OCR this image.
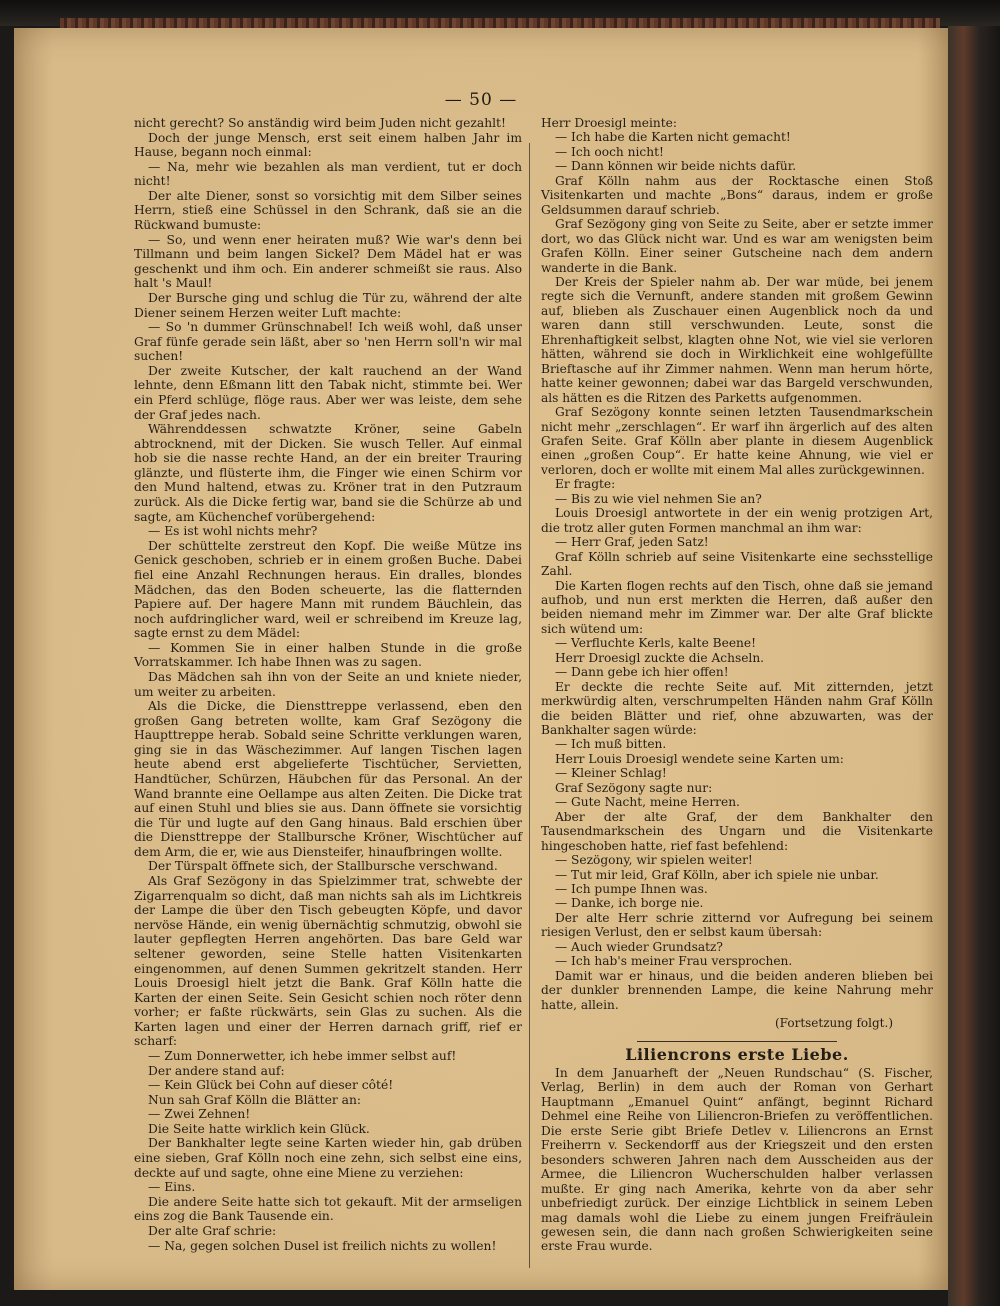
— 50 —

nicht gerecht? So anständig wird beim Juden nicht gezahlt!

Doch der junge Mensch, erst seit einem halben Jahr im Hause, begann noch einmal:

— Na, mehr wie bezahlen als man verdient, tut er doch nicht!

Der alte Diener, sonst so vorsichtig mit dem Silber seines Herrn, stieß eine Schüssel in den Schrank, daß sie an die Rückwand bumuste:

— So, und wenn ener heiraten muß? Wie war's denn bei Tillmann und beim langen Sickel? Dem Mädel hat er was geschenkt und ihm och. Ein anderer schmeißt sie raus. Also halt 's Maul!

Der Bursche ging und schlug die Tür zu, während der alte Diener seinem Herzen weiter Luft machte:

— So 'n dummer Grünschnabel! Ich weiß wohl, daß unser Graf fünfe gerade sein läßt, aber so 'nen Herrn soll'n wir mal suchen!

Der zweite Kutscher, der kalt rauchend an der Wand lehnte, denn Eßmann litt den Tabak nicht, stimmte bei. Wer ein Pferd schlüge, flöge raus. Aber wer was leiste, dem sehe der Graf jedes nach.

Währenddessen schwatzte Kröner, seine Gabeln abtrocknend, mit der Dicken. Sie wusch Teller. Auf einmal hob sie die nasse rechte Hand, an der ein breiter Trauring glänzte, und flüsterte ihm, die Finger wie einen Schirm vor den Mund haltend, etwas zu. Kröner trat in den Putzraum zurück. Als die Dicke fertig war, band sie die Schürze ab und sagte, am Küchenchef vorübergehend:

— Es ist wohl nichts mehr?

Der schüttelte zerstreut den Kopf. Die weiße Mütze ins Genick geschoben, schrieb er in einem großen Buche. Dabei fiel eine Anzahl Rechnungen heraus. Ein dralles, blondes Mädchen, das den Boden scheuerte, las die flatternden Papiere auf. Der hagere Mann mit rundem Bäuchlein, das noch aufdringlicher ward, weil er schreibend im Kreuze lag, sagte ernst zu dem Mädel:

— Kommen Sie in einer halben Stunde in die große Vorratskammer. Ich habe Ihnen was zu sagen.

Das Mädchen sah ihn von der Seite an und kniete nieder, um weiter zu arbeiten.

Als die Dicke, die Diensttreppe verlassend, eben den großen Gang betreten wollte, kam Graf Sezögony die Haupttreppe herab. Sobald seine Schritte verklungen waren, ging sie in das Wäschezimmer. Auf langen Tischen lagen heute abend erst abgelieferte Tischtücher, Servietten, Handtücher, Schürzen, Häubchen für das Personal. An der Wand brannte eine Oellampe aus alten Zeiten. Die Dicke trat auf einen Stuhl und blies sie aus. Dann öffnete sie vorsichtig die Tür und lugte auf den Gang hinaus. Bald erschien über die Diensttreppe der Stallbursche Kröner, Wischtücher auf dem Arm, die er, wie aus Diensteifer, hinaufbringen wollte.

Der Türspalt öffnete sich, der Stallbursche verschwand.

Als Graf Sezögony in das Spielzimmer trat, schwebte der Zigarrenqualm so dicht, daß man nichts sah als im Lichtkreis der Lampe die über den Tisch gebeugten Köpfe, und davor nervöse Hände, ein wenig übernächtig schmutzig, obwohl sie lauter gepflegten Herren angehörten. Das bare Geld war seltener geworden, seine Stelle hatten Visitenkarten eingenommen, auf denen Summen gekritzelt standen. Herr Louis Droesigl hielt jetzt die Bank. Graf Kölln hatte die Karten der einen Seite. Sein Gesicht schien noch röter denn vorher; er faßte rückwärts, sein Glas zu suchen. Als die Karten lagen und einer der Herren darnach griff, rief er scharf:

— Zum Donnerwetter, ich hebe immer selbst auf!

Der andere stand auf:

— Kein Glück bei Cohn auf dieser côté!

Nun sah Graf Kölln die Blätter an:

— Zwei Zehnen!

Die Seite hatte wirklich kein Glück.

Der Bankhalter legte seine Karten wieder hin, gab drüben eine sieben, Graf Kölln noch eine zehn, sich selbst eine eins, deckte auf und sagte, ohne eine Miene zu verziehen:

— Eins.

Die andere Seite hatte sich tot gekauft. Mit der armseligen eins zog die Bank Tausende ein.

Der alte Graf schrie:

— Na, gegen solchen Dusel ist freilich nichts zu wollen!

Herr Droesigl meinte:

— Ich habe die Karten nicht gemacht!

— Ich ooch nicht!

— Dann können wir beide nichts dafür.

Graf Kölln nahm aus der Rocktasche einen Stoß Visitenkarten und machte „Bons“ daraus, indem er große Geldsummen darauf schrieb.

Graf Sezögony ging von Seite zu Seite, aber er setzte immer dort, wo das Glück nicht war. Und es war am wenigsten beim Grafen Kölln. Einer seiner Gutscheine nach dem andern wanderte in die Bank.

Der Kreis der Spieler nahm ab. Der war müde, bei jenem regte sich die Vernunft, andere standen mit großem Gewinn auf, blieben als Zuschauer einen Augenblick noch da und waren dann still verschwunden. Leute, sonst die Ehrenhaftigkeit selbst, klagten ohne Not, wie viel sie verloren hätten, während sie doch in Wirklichkeit eine wohlgefüllte Brieftasche auf ihr Zimmer nahmen. Wenn man herum hörte, hatte keiner gewonnen; dabei war das Bargeld verschwunden, als hätten es die Ritzen des Parketts aufgenommen.

Graf Sezögony konnte seinen letzten Tausendmarkschein nicht mehr „zerschlagen“. Er warf ihn ärgerlich auf des alten Grafen Seite. Graf Kölln aber plante in diesem Augenblick einen „großen Coup“. Er hatte keine Ahnung, wie viel er verloren, doch er wollte mit einem Mal alles zurückgewinnen.

Er fragte:

— Bis zu wie viel nehmen Sie an?

Louis Droesigl antwortete in der ein wenig protzigen Art, die trotz aller guten Formen manchmal an ihm war:

— Herr Graf, jeden Satz!

Graf Kölln schrieb auf seine Visitenkarte eine sechsstellige Zahl.

Die Karten flogen rechts auf den Tisch, ohne daß sie jemand aufhob, und nun erst merkten die Herren, daß außer den beiden niemand mehr im Zimmer war. Der alte Graf blickte sich wütend um:

— Verfluchte Kerls, kalte Beene!

Herr Droesigl zuckte die Achseln.

— Dann gebe ich hier offen!

Er deckte die rechte Seite auf. Mit zitternden, jetzt merkwürdig alten, verschrumpelten Händen nahm Graf Kölln die beiden Blätter und rief, ohne abzuwarten, was der Bankhalter sagen würde:

— Ich muß bitten.

Herr Louis Droesigl wendete seine Karten um:

— Kleiner Schlag!

Graf Sezögony sagte nur:

— Gute Nacht, meine Herren.

Aber der alte Graf, der dem Bankhalter den Tausendmarkschein des Ungarn und die Visitenkarte hingeschoben hatte, rief fast befehlend:

— Sezögony, wir spielen weiter!

— Tut mir leid, Graf Kölln, aber ich spiele nie unbar.

— Ich pumpe Ihnen was.

— Danke, ich borge nie.

Der alte Herr schrie zitternd vor Aufregung bei seinem riesigen Verlust, den er selbst kaum übersah:

— Auch wieder Grundsatz?

— Ich hab's meiner Frau versprochen.

Damit war er hinaus, und die beiden anderen blieben bei der dunkler brennenden Lampe, die keine Nahrung mehr hatte, allein.

(Fortsetzung folgt.)

Liliencrons erste Liebe.

In dem Januarheft der „Neuen Rundschau“ (S. Fischer, Verlag, Berlin) in dem auch der Roman von Gerhart Hauptmann „Emanuel Quint“ anfängt, beginnt Richard Dehmel eine Reihe von Liliencron-Briefen zu veröffentlichen. Die erste Serie gibt Briefe Detlev v. Liliencrons an Ernst Freiherrn v. Seckendorff aus der Kriegszeit und den ersten besonders schweren Jahren nach dem Ausscheiden aus der Armee, die Liliencron Wucherschulden halber verlassen mußte. Er ging nach Amerika, kehrte von da aber sehr unbefriedigt zurück. Der einzige Lichtblick in seinem Leben mag damals wohl die Liebe zu einem jungen Freifräulein gewesen sein, die dann nach großen Schwierigkeiten seine erste Frau wurde.
